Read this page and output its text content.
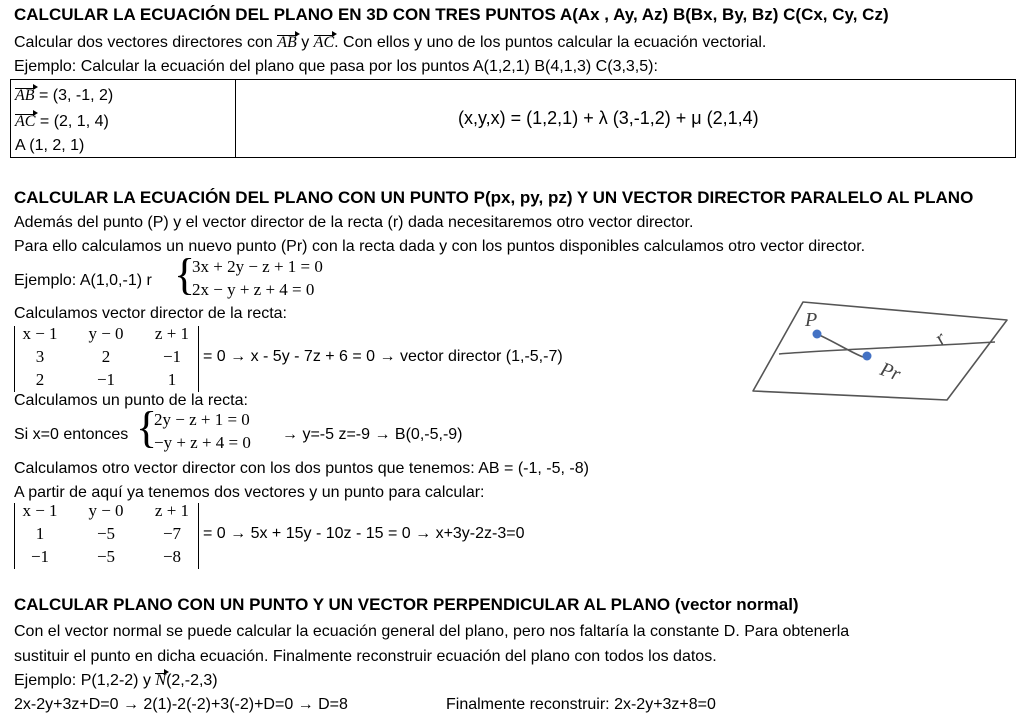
CALCULAR LA ECUACIÓN DEL PLANO EN 3D CON TRES PUNTOS A(Ax , Ay, Az) B(Bx, By, Bz) C(Cx, Cy, Cz)
Calcular dos vectores directores con AB y AC. Con ellos y uno de los puntos calcular la ecuación vectorial.
Ejemplo: Calcular la ecuación del plano que pasa por los puntos A(1,2,1) B(4,1,3) C(3,3,5):
AB = (3, -1, 2)
AC = (2, 1, 4)
A (1, 2, 1)
(x,y,x) = (1,2,1) + λ (3,-1,2) + μ (2,1,4)
CALCULAR LA ECUACIÓN DEL PLANO CON UN PUNTO P(px, py, pz) Y UN VECTOR DIRECTOR PARALELO AL PLANO
Además del punto (P) y el vector director de la recta (r) dada necesitaremos otro vector director.
Para ello calculamos un nuevo punto (Pr) con la recta dada y con los puntos disponibles calculamos otro vector director.
Ejemplo: A(1,0,-1) r {
3x + 2y − z + 1 = 0
2x − y + z + 4 = 0
Calculamos vector director de la recta:
x − 1	y − 0	z + 1
3	2	−1
2	−1	1
= 0 → x - 5y - 7z + 6 = 0 → vector director (1,-5,-7)
Calculamos un punto de la recta:
Si x=0 entonces {
2y − z + 1 = 0
−y + z + 4 = 0 → y=-5 z=-9 → B(0,-5,-9)
Calculamos otro vector director con los dos puntos que tenemos: AB = (-1, -5, -8)
A partir de aquí ya tenemos dos vectores y un punto para calcular:
x − 1	y − 0	z + 1
1	−5	−7
−1	−5	−8
= 0 → 5x + 15y - 10z - 15 = 0 → x+3y-2z-3=0
P
r
Pr
CALCULAR PLANO CON UN PUNTO Y UN VECTOR PERPENDICULAR AL PLANO (vector normal)
Con el vector normal se puede calcular la ecuación general del plano, pero nos faltaría la constante D. Para obtenerla
sustituir el punto en dicha ecuación. Finalmente reconstruir ecuación del plano con todos los datos.
Ejemplo: P(1,2-2) y N(2,-2,3)
2x-2y+3z+D=0 → 2(1)-2(-2)+3(-2)+D=0 → D=8	Finalmente reconstruir: 2x-2y+3z+8=0
